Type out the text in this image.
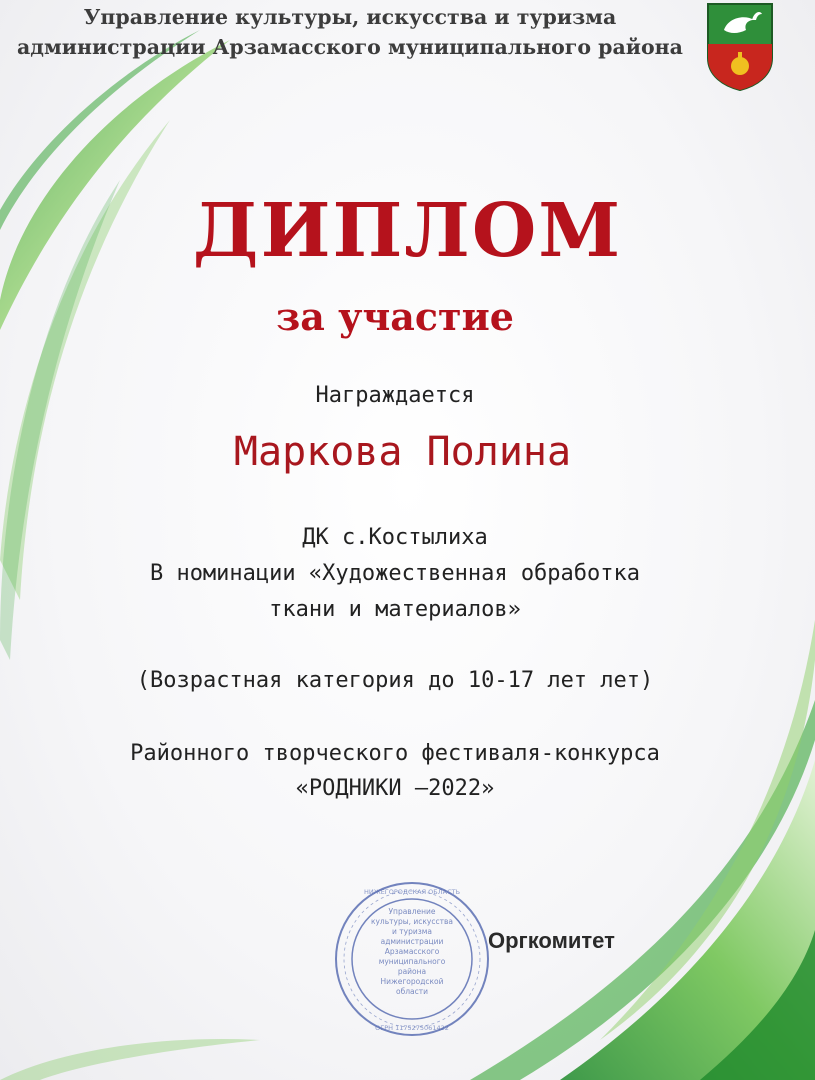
Управление культуры, искусства и туризма
администрации Арзамасского муниципального района
ДИПЛОМ
за участие
Награждается
Маркова Полина
ДК с.Костылиха
В номинации «Художественная обработка
ткани и материалов»
(Возрастная категория до 10-17 лет лет)
Районного творческого фестиваля-конкурса
«РОДНИКИ –2022»
Управление
культуры, искусства
и туризма
администрации
Арзамасского
муниципального
района
Нижегородской
области
НИЖЕГОРОДСКАЯ ОБЛАСТЬ
ОГРН 1175275061422
Оргкомитет
